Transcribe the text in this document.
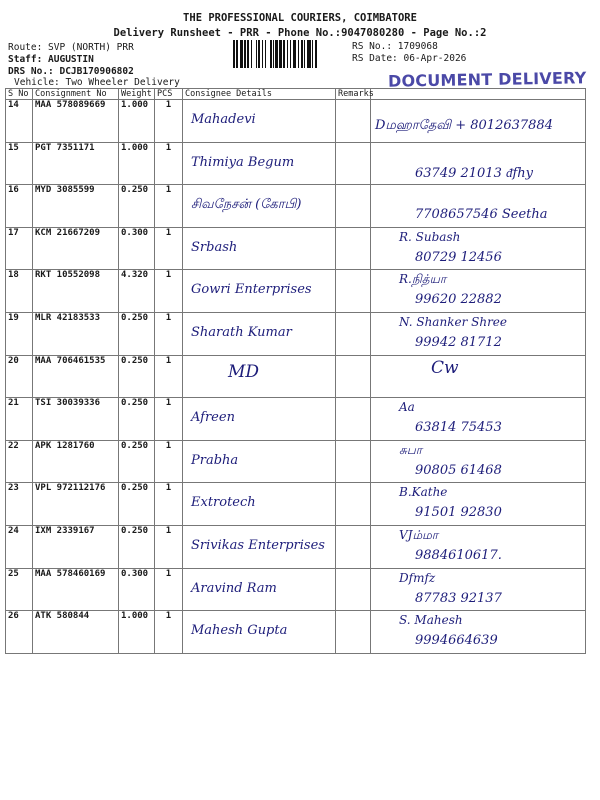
THE PROFESSIONAL COURIERS, COIMBATORE
Delivery Runsheet - PRR - Phone No.:9047080280 - Page No.:2
Route: SVP (NORTH) PRR
Staff: AUGUSTIN
DRS No.: DCJB170906802
Vehicle: Two Wheeler Delivery
RS No.: 1709068
RS Date: 06-Apr-2026
DOCUMENT DELIVERY
S No	Consignment No	Weight	PCS	Consignee Details	Remarks	
14	MAA 578089669	1.000	1	Mahadevi		Dமஹாதேவி + 8012637884

15	PGT 7351171	1.000	1	Thimiya Begum		63749 21013 ᵭfhy

16	MYD 3085599	0.250	1	சிவநேசன் (கோபி)		7708657546 Seetha

17	KCM 21667209	0.300	1	Srbash		R. Subash
80729 12456

18	RKT 10552098	4.320	1	Gowri Enterprises		R.நித்யா
99620 22882

19	MLR 42183533	0.250	1	Sharath Kumar		N. Shanker Shree
99942 81712

20	MAA 706461535	0.250	1	MD		Cw

21	TSI 30039336	0.250	1	Afreen		Aa
63814 75453

22	APK 1281760	0.250	1	Prabha		சுபா
90805 61468

23	VPL 972112176	0.250	1	Extrotech		B.Kathe
91501 92830

24	IXM 2339167	0.250	1	Srivikas Enterprises		VJம்மா
9884610617.

25	MAA 578460169	0.300	1	Aravind Ram		Dfmfz
87783 92137

26	ATK 580844	1.000	1	Mahesh Gupta		S. Mahesh
9994664639
